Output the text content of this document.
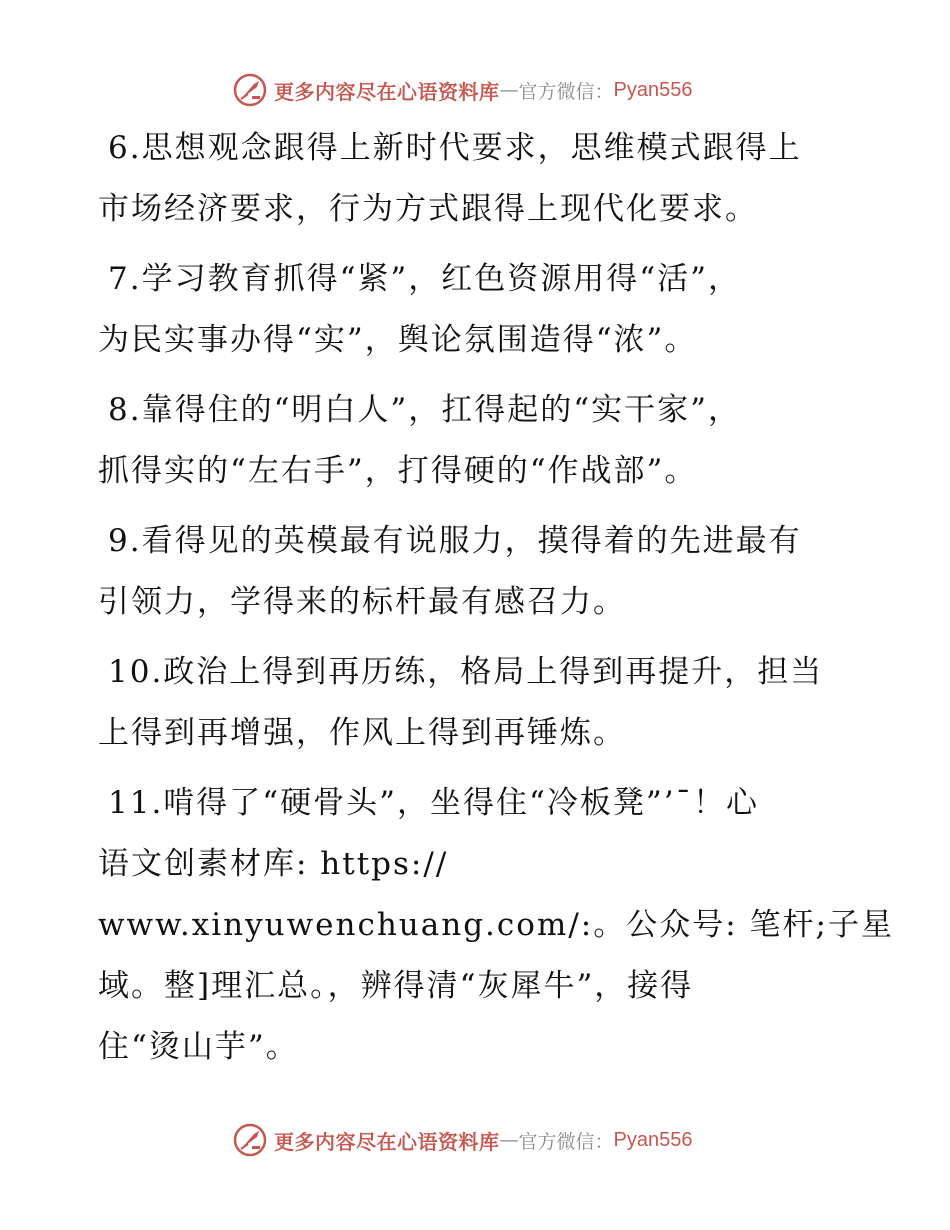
更多内容尽在心语资料库 — 官方微信： Pyan556

6.思想观念跟得上新时代要求，思维模式跟得上
市场经济要求，行为方式跟得上现代化要求。

7.学习教育抓得“紧”，红色资源用得“活”，
为民实事办得“实”，舆论氛围造得“浓”。

8.靠得住的“明白人”，扛得起的“实干家”，
抓得实的“左右手”，打得硬的“作战部”。

9.看得见的英模最有说服力，摸得着的先进最有
引领力，学得来的标杆最有感召力。

10.政治上得到再历练，格局上得到再提升，担当
上得到再增强，作风上得到再锤炼。

11.啃得了“硬骨头”，坐得住“冷板凳”’¯！心
语文创素材库: https://
www.xinyuwenchuang.com/:。公众号: 笔杆;子星
域。整]理汇总。，辨得清“灰犀牛”，接得
住“烫山芋”。

更多内容尽在心语资料库 — 官方微信： Pyan556
